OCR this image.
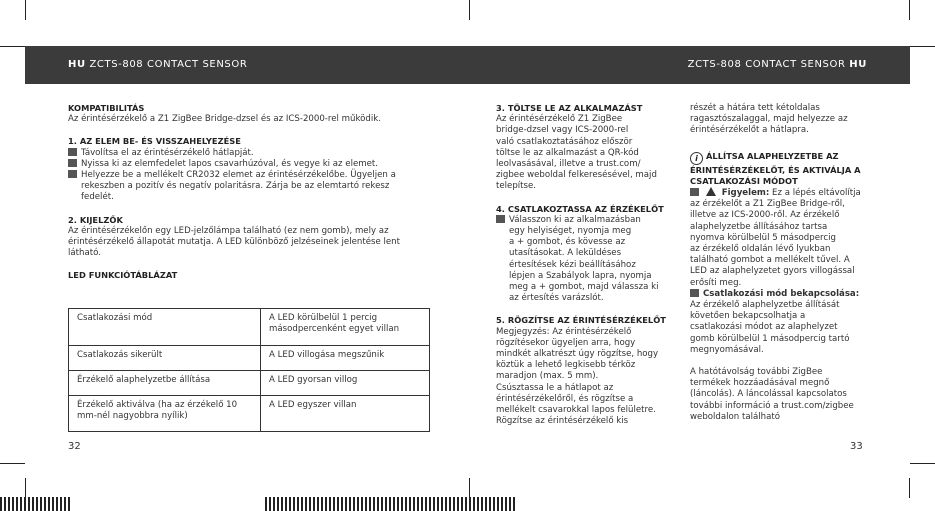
HU ZCTS-808 CONTACT SENSOR	ZCTS-808 CONTACT SENSOR HU

KOMPATIBILITÁS

Az érintésérzékelő a Z1 ZigBee Bridge-dzsel és az ICS-2000-rel működik.

1. AZ ELEM BE- ÉS VISSZAHELYEZÉSE

Távolítsa el az érintésérzékelő hátlapját.

Nyissa ki az elemfedelet lapos csavarhúzóval, és vegye ki az elemet.

Helyezze be a mellékelt CR2032 elemet az érintésérzékelőbe. Ügyeljen a

rekeszben a pozitív és negatív polaritásra. Zárja be az elemtartó rekesz

fedelét.

2. KIJELZŐK

Az érintésérzékelőn egy LED-jelzőlámpa található (ez nem gomb), mely az

érintésérzékelő állapotát mutatja. A LED különböző jelzéseinek jelentése lent

látható.

LED FUNKCIÓTÁBLÁZAT

Csatlakozási mód	A LED körülbelül 1 percig
másodpercenként egyet villan
Csatlakozás sikerült	A LED villogása megszűnik
Érzékelő alaphelyzetbe állítása	A LED gyorsan villog
Érzékelő aktiválva (ha az érzékelő 10
mm-nél nagyobbra nyílik)	A LED egyszer villan
32

3. TÖLTSE LE AZ ALKALMAZÁST

Az érintésérzékelő Z1 ZigBee

bridge-dzsel vagy ICS-2000-rel

való csatlakoztatásához először

töltse le az alkalmazást a QR-kód

leolvasásával, illetve a trust.com/

zigbee weboldal felkeresésével, majd

telepítse.

4. CSATLAKOZTASSA AZ ÉRZÉKELŐT

Válasszon ki az alkalmazásban

egy helyiséget, nyomja meg

a + gombot, és kövesse az

utasításokat. A leküldéses

értesítések kézi beállításához

lépjen a Szabályok lapra, nyomja

meg a + gombot, majd válassza ki

az értesítés varázslót.

5. RÖGZÍTSE AZ ÉRINTÉSÉRZÉKELŐT

Megjegyzés: Az érintésérzékelő

rögzítésekor ügyeljen arra, hogy

mindkét alkatrészt úgy rögzítse, hogy

köztük a lehető legkisebb térköz

maradjon (max. 5 mm).

Csúsztassa le a hátlapot az

érintésérzékelőről, és rögzítse a

mellékelt csavarokkal lapos felületre.

Rögzítse az érintésérzékelő kis

részét a hátára tett kétoldalas

ragasztószalaggal, majd helyezze az

érintésérzékelőt a hátlapra.

i ÁLLÍTSA ALAPHELYZETBE AZ

ÉRINTÉSÉRZÉKELŐT, ÉS AKTIVÁLJA A

CSATLAKOZÁSI MÓDOT

Figyelem: Ez a lépés eltávolítja

az érzékelőt a Z1 ZigBee Bridge-ről,

illetve az ICS-2000-ről. Az érzékelő

alaphelyzetbe állításához tartsa

nyomva körülbelül 5 másodpercig

az érzékelő oldalán lévő lyukban

található gombot a mellékelt tűvel. A

LED az alaphelyzetet gyors villogással

erősíti meg.

Csatlakozási mód bekapcsolása:

Az érzékelő alaphelyzetbe állítását

követően bekapcsolhatja a

csatlakozási módot az alaphelyzet

gomb körülbelül 1 másodpercig tartó

megnyomásával.

A hatótávolság további ZigBee

termékek hozzáadásával megnő

(láncolás). A láncolással kapcsolatos

további információ a trust.com/zigbee

weboldalon található

33
